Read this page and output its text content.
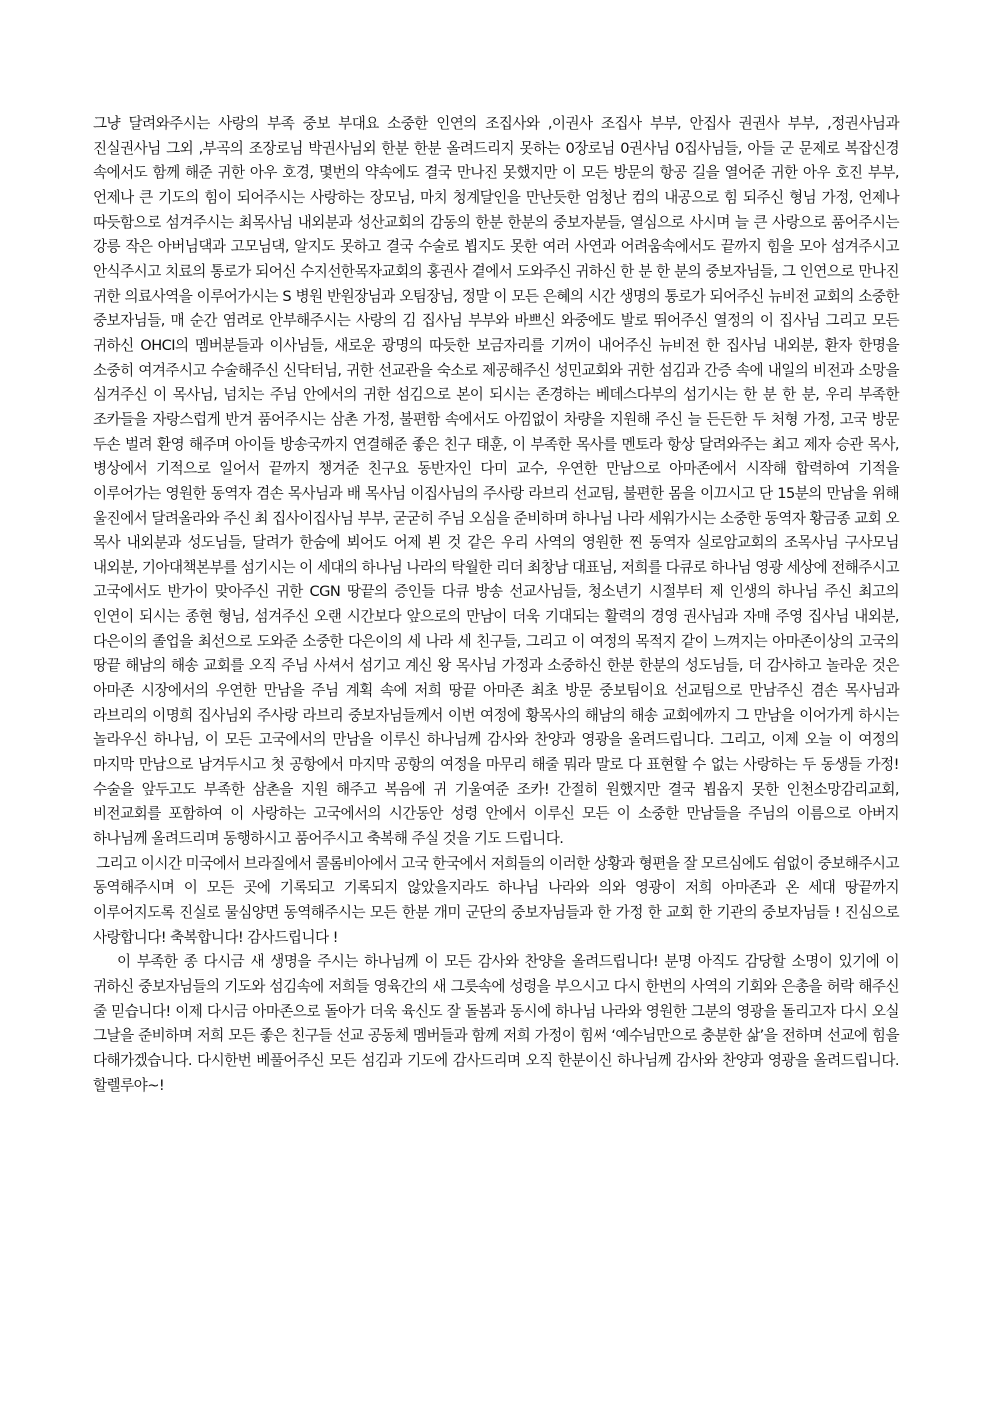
그냥 달려와주시는 사랑의 부족 중보 부대요 소중한 인연의 조집사와 ,이권사 조집사 부부, 안집사 권권사 부부, ,정권사님과 진실권사님 그외 ,부곡의 조장로님 박권사님외 한분 한분 올려드리지 못하는 0장로님 0권사님 0집사님들, 아들 군 문제로 복잡신경 속에서도 함께 해준 귀한 아우 호경, 몇번의 약속에도 결국 만나진 못했지만 이 모든 방문의 항공 길을 열어준 귀한 아우 호진 부부, 언제나 큰 기도의 힘이 되어주시는 사랑하는 장모님, 마치 청계달인을 만난듯한 엄청난 컴의 내공으로 힘 되주신 형님 가정, 언제나 따듯함으로 섬겨주시는 최목사님 내외분과 성산교회의 감동의 한분 한분의 중보자분들, 열심으로 사시며 늘 큰 사랑으로 품어주시는 강릉 작은 아버님댁과 고모님댁, 알지도 못하고 결국 수술로 뵙지도 못한 여러 사연과 어려움속에서도 끝까지 힘을 모아 섬겨주시고 안식주시고 치료의 통로가 되어신 수지선한목자교회의 홍권사 곁에서 도와주신 귀하신 한 분 한 분의 중보자님들, 그 인연으로 만나진 귀한 의료사역을 이루어가시는 S 병원 반원장님과 오팀장님, 정말 이 모든 은혜의 시간 생명의 통로가 되어주신 뉴비전 교회의 소중한 중보자님들, 매 순간 염려로 안부해주시는 사랑의 김 집사님 부부와 바쁘신 와중에도 발로 뛰어주신 열정의 이 집사님 그리고 모든 귀하신 OHCI의 멤버분들과 이사님들, 새로운 광명의 따듯한 보금자리를 기꺼이 내어주신 뉴비전 한 집사님 내외분, 환자 한명을 소중히 여겨주시고 수술해주신 신닥터님, 귀한 선교관을 숙소로 제공해주신 성민교회와 귀한 섬김과 간증 속에 내일의 비전과 소망을 심겨주신 이 목사님, 넘치는 주님 안에서의 귀한 섬김으로 본이 되시는 존경하는 베데스다부의 섬기시는 한 분 한 분, 우리 부족한 조카들을 자랑스럽게 반겨 품어주시는 삼촌 가정, 불편함 속에서도 아낌없이 차량을 지원해 주신 늘 든든한 두 처형 가정, 고국 방문 두손 벌려 환영 해주며 아이들 방송국까지 연결해준 좋은 친구 태훈, 이 부족한 목사를 멘토라 항상 달려와주는 최고 제자 승관 목사, 병상에서 기적으로 일어서 끝까지 챙겨준 친구요 동반자인 다미 교수, 우연한 만남으로 아마존에서 시작해 합력하여 기적을 이루어가는 영원한 동역자 겸손 목사님과 배 목사님 이집사님의 주사랑 라브리 선교팀, 불편한 몸을 이끄시고 단 15분의 만남을 위해 울진에서 달려올라와 주신 최 집사이집사님 부부, 굳굳히 주님 오심을 준비하며 하나님 나라 세워가시는 소중한 동역자 황금종 교회 오 목사 내외분과 성도님들, 달려가 한숨에 뵈어도 어제 뵌 것 같은 우리 사역의 영원한 찐 동역자 실로암교회의 조목사님 구사모님 내외분, 기아대책본부를 섬기시는 이 세대의 하나님 나라의 탁월한 리더 최창남 대표님, 저희를 다큐로 하나님 영광 세상에 전해주시고 고국에서도 반가이 맞아주신 귀한 CGN 땅끝의 증인들 다큐 방송 선교사님들, 청소년기 시절부터 제 인생의 하나님 주신 최고의 인연이 되시는 종현 형님, 섬겨주신 오랜 시간보다 앞으로의 만남이 더욱 기대되는 활력의 경영 권사님과 자매 주영 집사님 내외분, 다은이의 졸업을 최선으로 도와준 소중한 다은이의 세 나라 세 친구들, 그리고 이 여정의 목적지 같이 느껴지는 아마존이상의 고국의 땅끝 해남의 해송 교회를 오직 주님 사셔서 섬기고 계신 왕 목사님 가정과 소중하신 한분 한분의 성도님들, 더 감사하고 놀라운 것은 아마존 시장에서의 우연한 만남을 주님 계획 속에 저희 땅끝 아마존 최초 방문 중보팀이요 선교팀으로 만남주신 겸손 목사님과 라브리의 이명희 집사님외 주사랑 라브리 중보자님들께서 이번 여정에 황목사의 해남의 해송 교회에까지 그 만남을 이어가게 하시는 놀라우신 하나님, 이 모든 고국에서의 만남을 이루신 하나님께 감사와 찬양과 영광을 올려드립니다. 그리고, 이제 오늘 이 여정의 마지막 만남으로 남겨두시고 첫 공항에서 마지막 공항의 여정을 마무리 해줄 뭐라 말로 다 표현할 수 없는 사랑하는 두 동생들 가정! 수술을 앞두고도 부족한 삼촌을 지원 해주고 복음에 귀 기울여준 조카! 간절히 원했지만 결국 뵙옵지 못한 인천소망감리교회, 비전교회를 포함하여 이 사랑하는 고국에서의 시간동안 성령 안에서 이루신 모든 이 소중한 만남들을 주님의 이름으로 아버지 하나님께 올려드리며 동행하시고 품어주시고 축복해 주실 것을 기도 드립니다.

그리고 이시간 미국에서 브라질에서 콜롬비아에서 고국 한국에서 저희들의 이러한 상황과 형편을 잘 모르심에도 쉼없이 중보해주시고 동역해주시며 이 모든 곳에 기록되고 기록되지 않았을지라도 하나님 나라와 의와 영광이 저희 아마존과 온 세대 땅끝까지 이루어지도록 진실로 물심양면 동역해주시는 모든 한분 개미 군단의 중보자님들과 한 가정 한 교회 한 기관의 중보자님들 ! 진심으로 사랑합니다! 축복합니다! 감사드립니다 !

이 부족한 종 다시금 새 생명을 주시는 하나님께 이 모든 감사와 찬양을 올려드립니다! 분명 아직도 감당할 소명이 있기에 이 귀하신 중보자님들의 기도와 섬김속에 저희들 영육간의 새 그릇속에 성령을 부으시고 다시 한번의 사역의 기회와 은총을 허락 해주신 줄 믿습니다! 이제 다시금 아마존으로 돌아가 더욱 육신도 잘 돌봄과 동시에 하나님 나라와 영원한 그분의 영광을 돌리고자 다시 오실 그날을 준비하며 저희 모든 좋은 친구들 선교 공동체 멤버들과 함께 저희 가정이 힘써 ‘예수님만으로 충분한 삶’을 전하며 선교에 힘을 다해가겠습니다. 다시한번 베풀어주신 모든 섬김과 기도에 감사드리며 오직 한분이신 하나님께 감사와 찬양과 영광을 올려드립니다. 할렐루야~!
